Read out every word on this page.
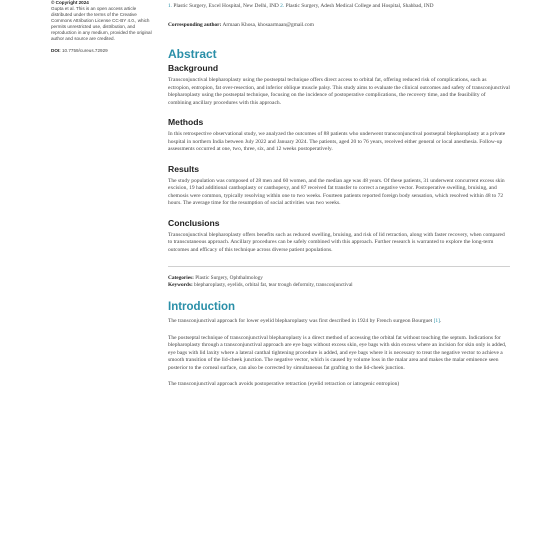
© Copyright 2024
Gupta et al. This is an open access article distributed under the terms of the Creative Commons Attribution License CC-BY 4.0., which permits unrestricted use, distribution, and reproduction in any medium, provided the original author and source are credited.
DOI: 10.7759/cureus.72929
1. Plastic Surgery, Excel Hospital, New Delhi, IND 2. Plastic Surgery, Adesh Medical College and Hospital, Shahbad, IND
Corresponding author: Armaan Khosa, khosaarmaan@gmail.com
Abstract
Background

Transconjunctival blepharoplasty using the postseptal technique offers direct access to orbital fat, offering reduced risk of complications, such as ectropion, entropion, fat over-resection, and inferior oblique muscle palsy. This study aims to evaluate the clinical outcomes and safety of transconjunctival blepharoplasty using the postseptal technique, focusing on the incidence of postoperative complications, the recovery time, and the feasibility of combining ancillary procedures with this approach.

Methods

In this retrospective observational study, we analyzed the outcomes of 88 patients who underwent transconjunctival postseptal blepharoplasty at a private hospital in northern India between July 2022 and January 2024. The patients, aged 20 to 76 years, received either general or local anesthesia. Follow-up assessments occurred at one, two, three, six, and 12 weeks postoperatively.

Results

The study population was composed of 28 men and 60 women, and the median age was 48 years. Of these patients, 31 underwent concurrent excess skin excision, 19 had additional canthoplasty or canthopexy, and 87 received fat transfer to correct a negative vector. Postoperative swelling, bruising, and chemosis were common, typically resolving within one to two weeks. Fourteen patients reported foreign body sensation, which resolved within 48 to 72 hours. The average time for the resumption of social activities was two weeks.

Conclusions

Transconjunctival blepharoplasty offers benefits such as reduced swelling, bruising, and risk of lid retraction, along with faster recovery, when compared to transcutaneous approach. Ancillary procedures can be safely combined with this approach. Further research is warranted to explore the long-term outcomes and efficacy of this technique across diverse patient populations.

Categories: Plastic Surgery, Ophthalmology
Keywords: blepharoplasty, eyelids, orbital fat, tear trough deformity, transconjunctival
Introduction

The transconjunctival approach for lower eyelid blepharoplasty was first described in 1924 by French surgeon Bourguet [1].

The postseptal technique of transconjunctival blepharoplasty is a direct method of accessing the orbital fat without touching the septum. Indications for blepharoplasty through a transconjunctival approach are eye bags without excess skin, eye bags with skin excess where an incision for skin only is added, eye bags with lid laxity where a lateral canthal tightening procedure is added, and eye bags where it is necessary to treat the negative vector to achieve a smooth transition of the lid-cheek junction. The negative vector, which is caused by volume loss in the malar area and makes the malar eminence seen posterior to the corneal surface, can also be corrected by simultaneous fat grafting to the lid-cheek junction.

The transconjunctival approach avoids postoperative retraction (eyelid retraction or iatrogenic entropion)
